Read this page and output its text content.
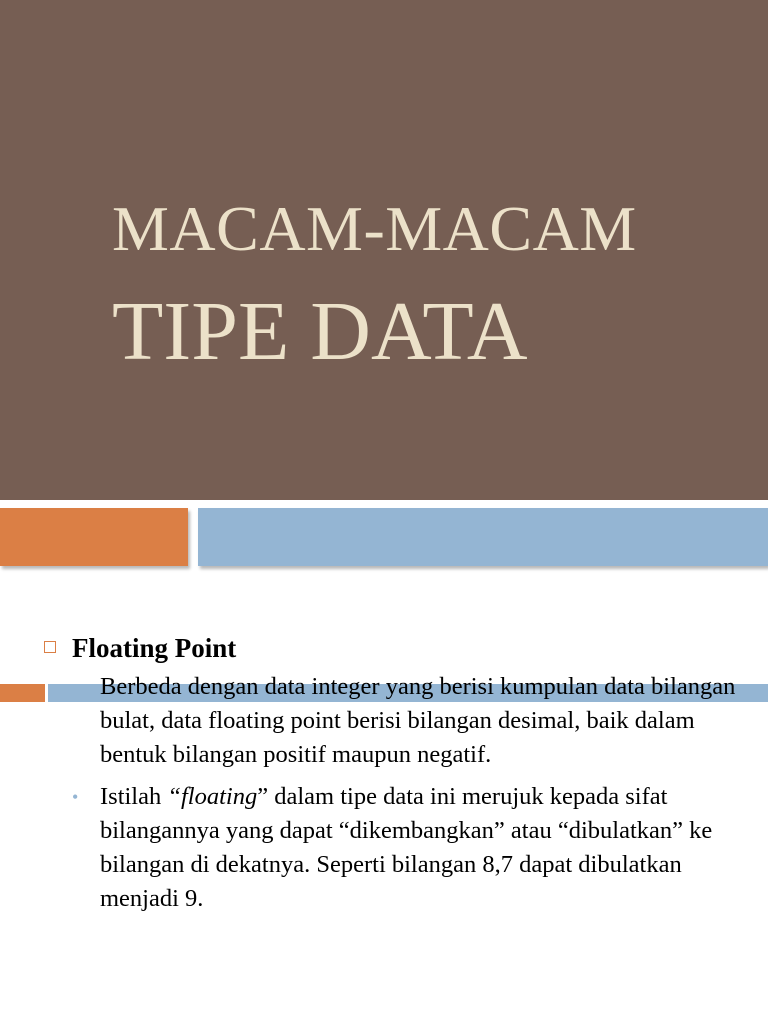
MACAM-MACAM
TIPE DATA
Floating Point
• Berbeda dengan data integer yang berisi kumpulan data bilangan bulat, data floating point berisi bilangan desimal, baik dalam bentuk bilangan positif maupun negatif.

• Istilah “floating” dalam tipe data ini merujuk kepada sifat bilangannya yang dapat “dikembangkan” atau “dibulatkan” ke bilangan di dekatnya. Seperti bilangan 8,7 dapat dibulatkan menjadi 9.
